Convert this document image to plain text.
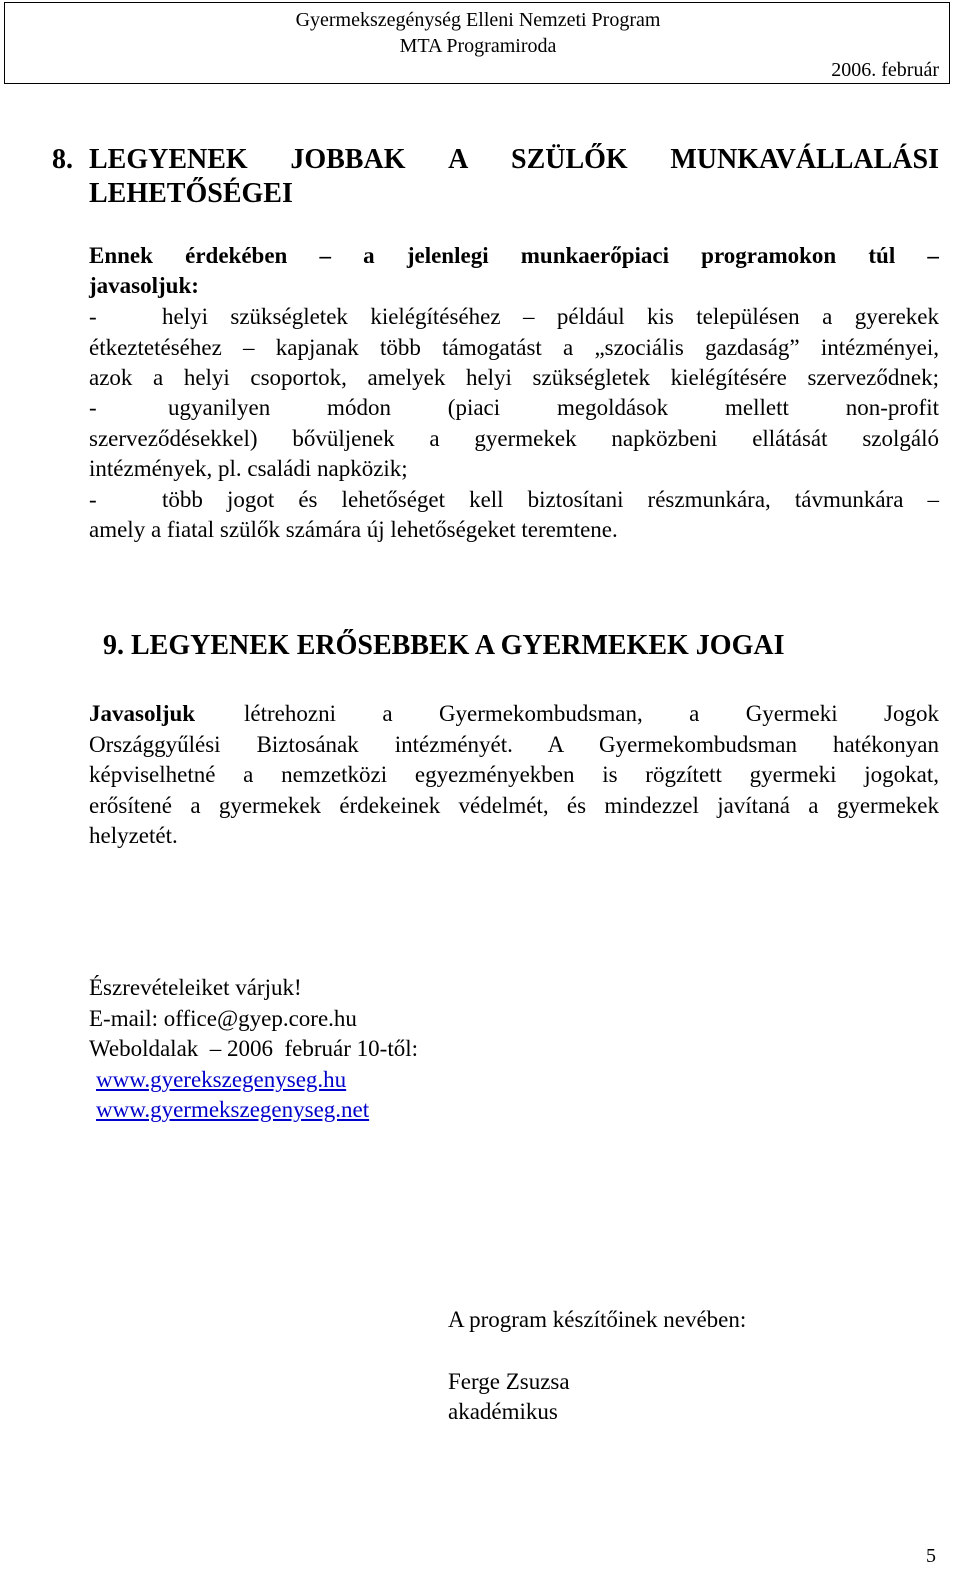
Gyermekszegénység Elleni Nemzeti Program
MTA Programiroda
2006. február
8. LEGYENEK JOBBAK A SZÜLŐK MUNKAVÁLLALÁSI
LEHETŐSÉGEI
Ennek érdekében – a jelenlegi munkaerőpiaci programokon túl –
javasoljuk:
-	helyi szükségletek kielégítéséhez – például kis településen a gyerekek
étkeztetéséhez – kapjanak több támogatást a „szociális gazdaság” intézményei,
azok a helyi csoportok, amelyek helyi szükségletek kielégítésére szerveződnek;
-	ugyanilyen módon (piaci megoldások mellett non-profit
szerveződésekkel) bővüljenek a gyermekek napközbeni ellátását szolgáló
intézmények, pl. családi napközik;
-	több jogot és lehetőséget kell biztosítani részmunkára, távmunkára –
amely a fiatal szülők számára új lehetőségeket teremtene.
9. LEGYENEK ERŐSEBBEK A GYERMEKEK JOGAI
Javasoljuk létrehozni a Gyermekombudsman, a Gyermeki Jogok
Országgyűlési Biztosának intézményét. A Gyermekombudsman hatékonyan
képviselhetné a nemzetközi egyezményekben is rögzített gyermeki jogokat,
erősítené a gyermekek érdekeinek védelmét, és mindezzel javítaná a gyermekek
helyzetét.
Észrevételeiket várjuk!
E-mail: office@gyep.core.hu
Weboldalak  – 2006  február 10-től:
www.gyerekszegenyseg.hu
www.gyermekszegenyseg.net
A program készítőinek nevében:
Ferge Zsuzsa
akadémikus
5
